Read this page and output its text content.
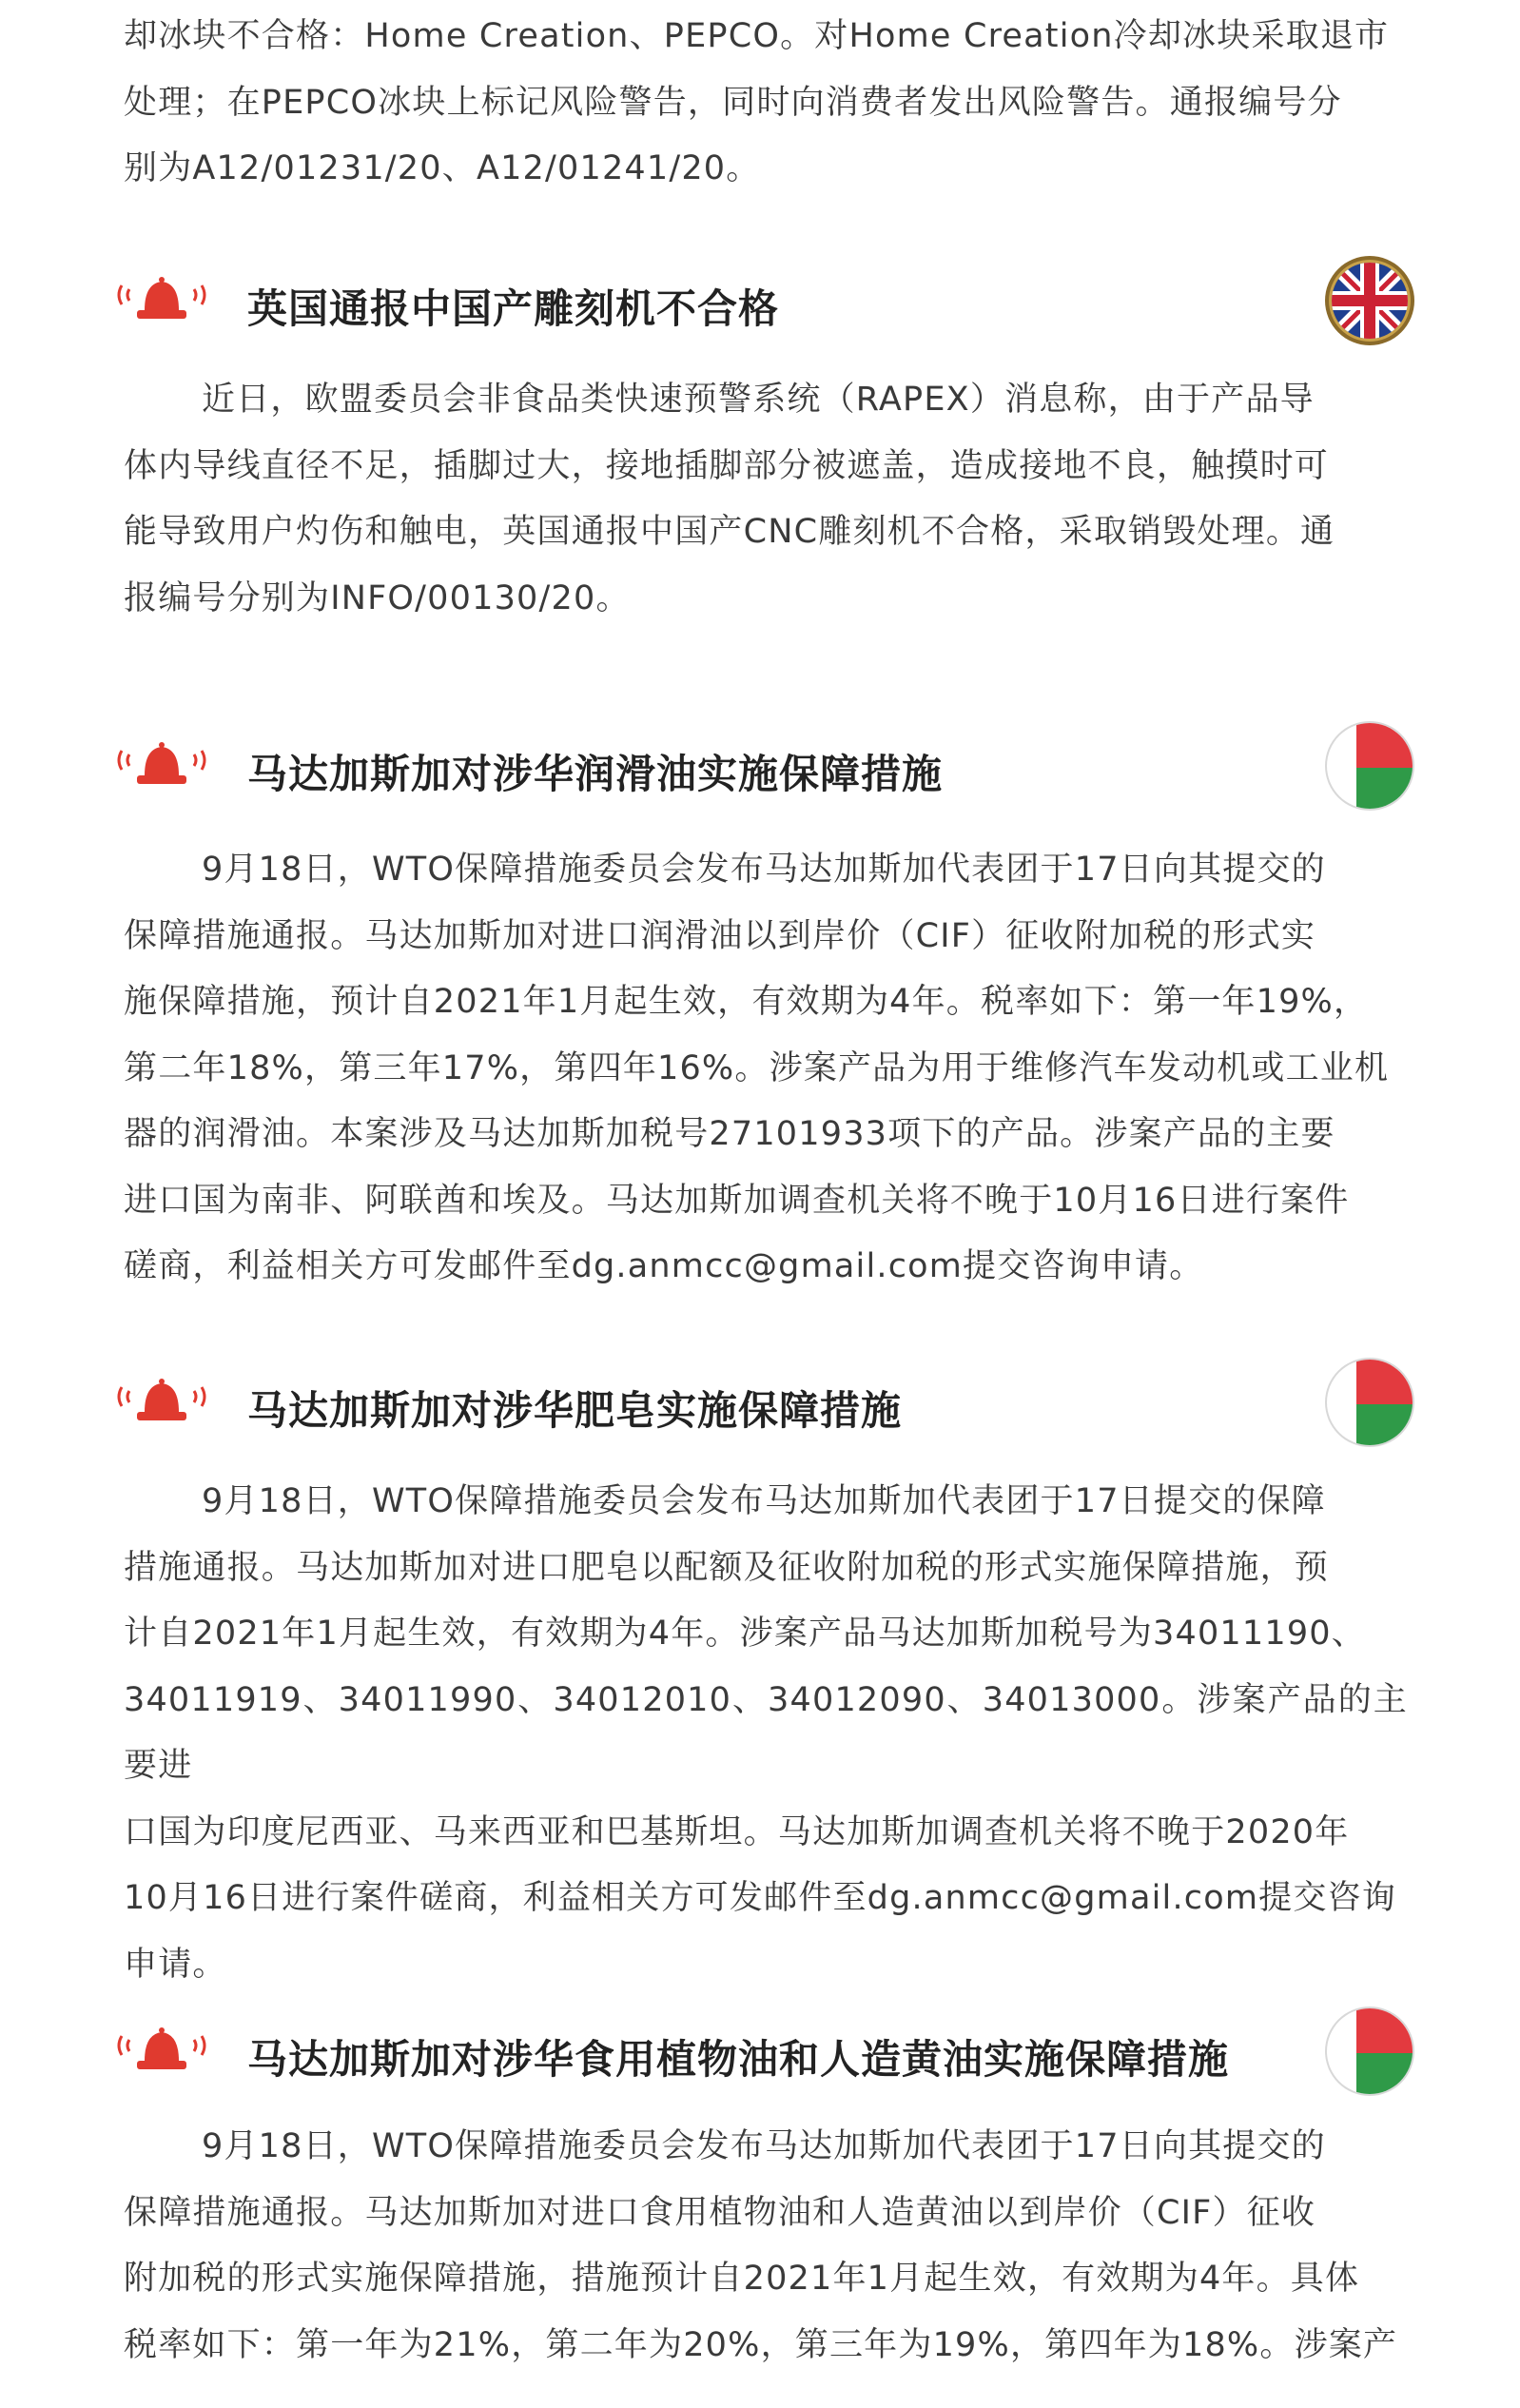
却冰块不合格：Home Creation、PEPCO。对Home Creation冷却冰块采取退市
处理；在PEPCO冰块上标记风险警告，同时向消费者发出风险警告。通报编号分
别为A12/01231/20、A12/01241/20。
英国通报中国产雕刻机不合格
近日，欧盟委员会非食品类快速预警系统（RAPEX）消息称，由于产品导
体内导线直径不足，插脚过大，接地插脚部分被遮盖，造成接地不良，触摸时可
能导致用户灼伤和触电，英国通报中国产CNC雕刻机不合格，采取销毁处理。通
报编号分别为INFO/00130/20。
马达加斯加对涉华润滑油实施保障措施
9月18日，WTO保障措施委员会发布马达加斯加代表团于17日向其提交的
保障措施通报。马达加斯加对进口润滑油以到岸价（CIF）征收附加税的形式实
施保障措施，预计自2021年1月起生效，有效期为4年。税率如下：第一年19%，
第二年18%，第三年17%，第四年16%。涉案产品为用于维修汽车发动机或工业机
器的润滑油。本案涉及马达加斯加税号27101933项下的产品。涉案产品的主要
进口国为南非、阿联酋和埃及。马达加斯加调查机关将不晚于10月16日进行案件
磋商，利益相关方可发邮件至dg.anmcc@gmail.com提交咨询申请。
马达加斯加对涉华肥皂实施保障措施
9月18日，WTO保障措施委员会发布马达加斯加代表团于17日提交的保障
措施通报。马达加斯加对进口肥皂以配额及征收附加税的形式实施保障措施，预
计自2021年1月起生效，有效期为4年。涉案产品马达加斯加税号为34011190、
34011919、34011990、34012010、34012090、34013000。涉案产品的主要进
口国为印度尼西亚、马来西亚和巴基斯坦。马达加斯加调查机关将不晚于2020年
10月16日进行案件磋商，利益相关方可发邮件至dg.anmcc@gmail.com提交咨询
申请。
马达加斯加对涉华食用植物油和人造黄油实施保障措施
9月18日，WTO保障措施委员会发布马达加斯加代表团于17日向其提交的
保障措施通报。马达加斯加对进口食用植物油和人造黄油以到岸价（CIF）征收
附加税的形式实施保障措施，措施预计自2021年1月起生效，有效期为4年。具体
税率如下：第一年为21%，第二年为20%，第三年为19%，第四年为18%。涉案产
